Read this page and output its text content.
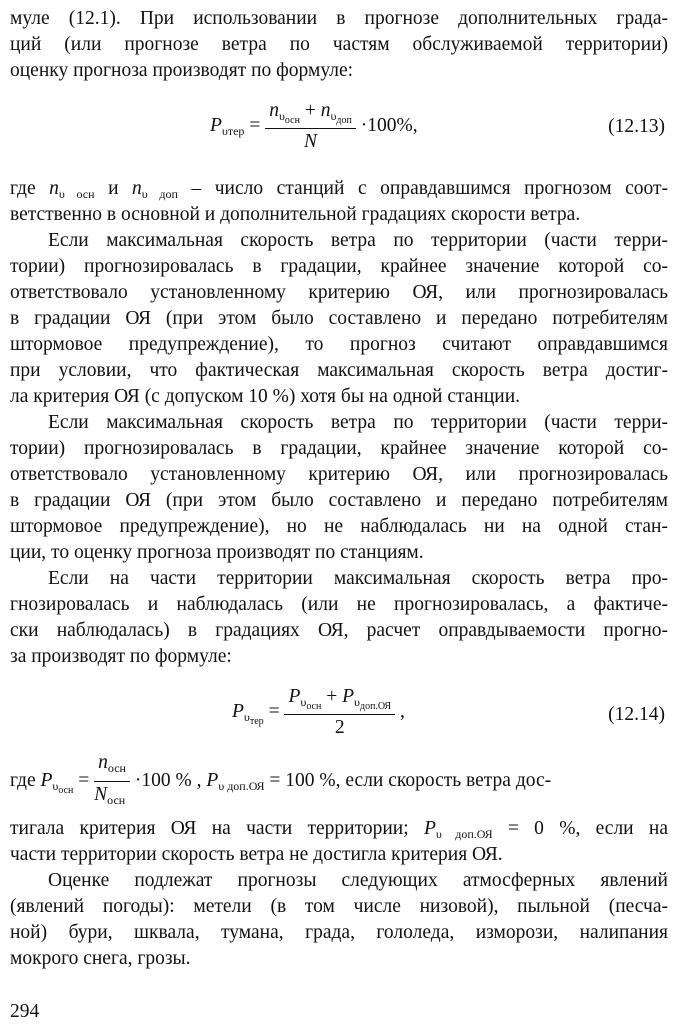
муле (12.1). При использовании в прогнозе дополнительных града-
ций (или прогнозе ветра по частям обслуживаемой территории)
оценку прогноза производят по формуле:
$P_{\upsilon тер} = \frac{n_{\upsilon_{осн}} + n_{\upsilon_{доп}}}{N} \cdot 100\%$,	(12.13)
где $n_{\upsilon осн}$ и $n_{\upsilon доп}$ – число станций с оправдавшимся прогнозом соот-
ветственно в основной и дополнительной градациях скорости ветра.
Если максимальная скорость ветра по территории (части терри-
тории) прогнозировалась в градации, крайнее значение которой со-
ответствовало установленному критерию ОЯ, или прогнозировалась
в градации ОЯ (при этом было составлено и передано потребителям
штормовое предупреждение), то прогноз считают оправдавшимся
при условии, что фактическая максимальная скорость ветра достиг-
ла критерия ОЯ (с допуском 10 %) хотя бы на одной станции.
Если максимальная скорость ветра по территории (части терри-
тории) прогнозировалась в градации, крайнее значение которой со-
ответствовало установленному критерию ОЯ, или прогнозировалась
в градации ОЯ (при этом было составлено и передано потребителям
штормовое предупреждение), но не наблюдалась ни на одной стан-
ции, то оценку прогноза производят по станциям.
Если на части территории максимальная скорость ветра про-
гнозировалась и наблюдалась (или не прогнозировалась, а фактиче-
ски наблюдалась) в градациях ОЯ, расчет оправдываемости прогно-
за производят по формуле:
$P_{\upsilon_{тер}} = \frac{P_{\upsilon_{осн}} + P_{\upsilon_{доп.ОЯ}}}{2}$ ,	(12.14)
где $P_{\upsilon_{осн}} = \frac{n_{осн}}{N_{осн}} \cdot 100$ % , $P_{\upsilon доп.ОЯ} = 100$ %, если скорость ветра дос-
тигала критерия ОЯ на части территории; $P_{\upsilon доп.ОЯ} = 0$ %, если на
части территории скорость ветра не достигла критерия ОЯ.
Оценке подлежат прогнозы следующих атмосферных явлений
(явлений погоды): метели (в том числе низовой), пыльной (песча-
ной) бури, шквала, тумана, града, гололеда, изморози, налипания
мокрого снега, грозы.
294
